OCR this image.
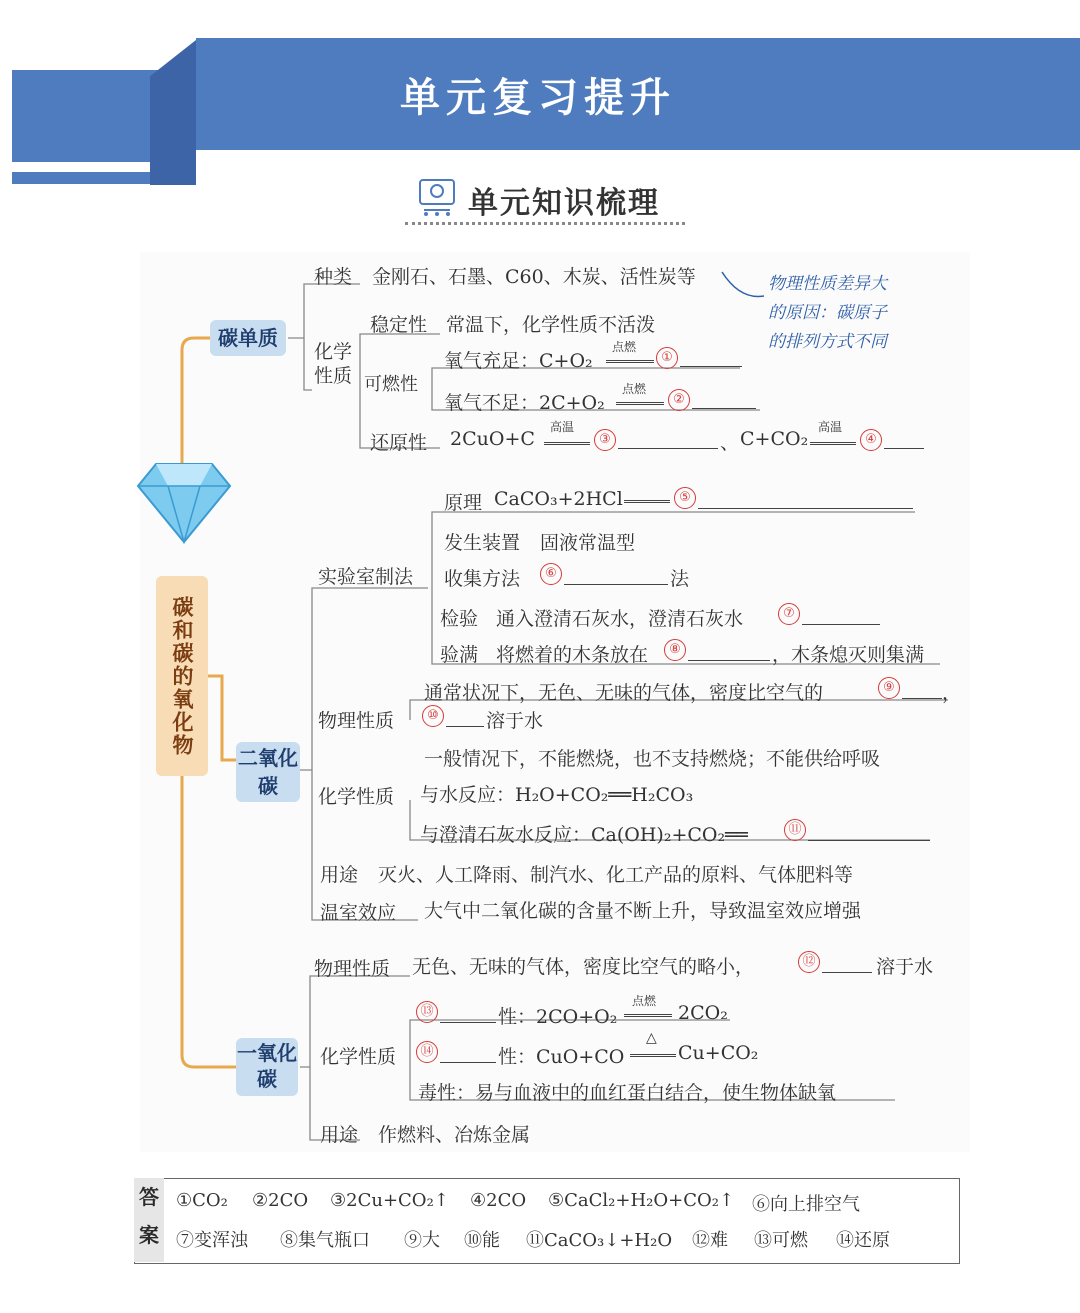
单元复习提升
单元知识梳理
碳和碳的氧化物
碳单质
种类 金刚石、石墨、C60、木炭、活性炭等	物理性质差异大
的原因：碳原子
的排列方式不同
化学性质
稳定性 常温下，化学性质不活泼
可燃性
氧气充足：C+O₂
点燃
①
氧气不足：2C+O₂
点燃
②
还原性 2CuO+C
高温
③	、 C+CO₂
高温
④
二氧化碳
实验室制法
原理 CaCO₃+2HCl	⑤
发生装置 固液常温型
收集方法	⑥	法
检验 通入澄清石灰水，澄清石灰水	⑦
验满 将燃着的木条放在	⑧	，木条熄灭则集满
物理性质
通常状况下，无色、无味的气体，密度比空气的	⑨ ，
⑩ 溶于水
化学性质
一般情况下，不能燃烧，也不支持燃烧；不能供给呼吸
与水反应：H₂O+CO₂══H₂CO₃
与澄清石灰水反应：Ca(OH)₂+CO₂══	⑪
用途 灭火、人工降雨、制汽水、化工产品的原料、气体肥料等
温室效应 大气中二氧化碳的含量不断上升，导致温室效应增强
一氧化碳
物理性质 无色、无味的气体，密度比空气的略小，	⑫	溶于水
化学性质
⑬	性：2CO+O₂
点燃
2CO₂
⑭	性：CuO+CO
△
Cu+CO₂
毒性：易与血液中的血红蛋白结合，使生物体缺氧
用途 作燃料、冶炼金属
答案
①CO₂ ②2CO ③2Cu+CO₂↑ ④2CO ⑤CaCl₂+H₂O+CO₂↑ ⑥向上排空气
⑦变浑浊 ⑧集气瓶口 ⑨大 ⑩能 ⑪CaCO₃↓+H₂O ⑫难 ⑬可燃 ⑭还原
